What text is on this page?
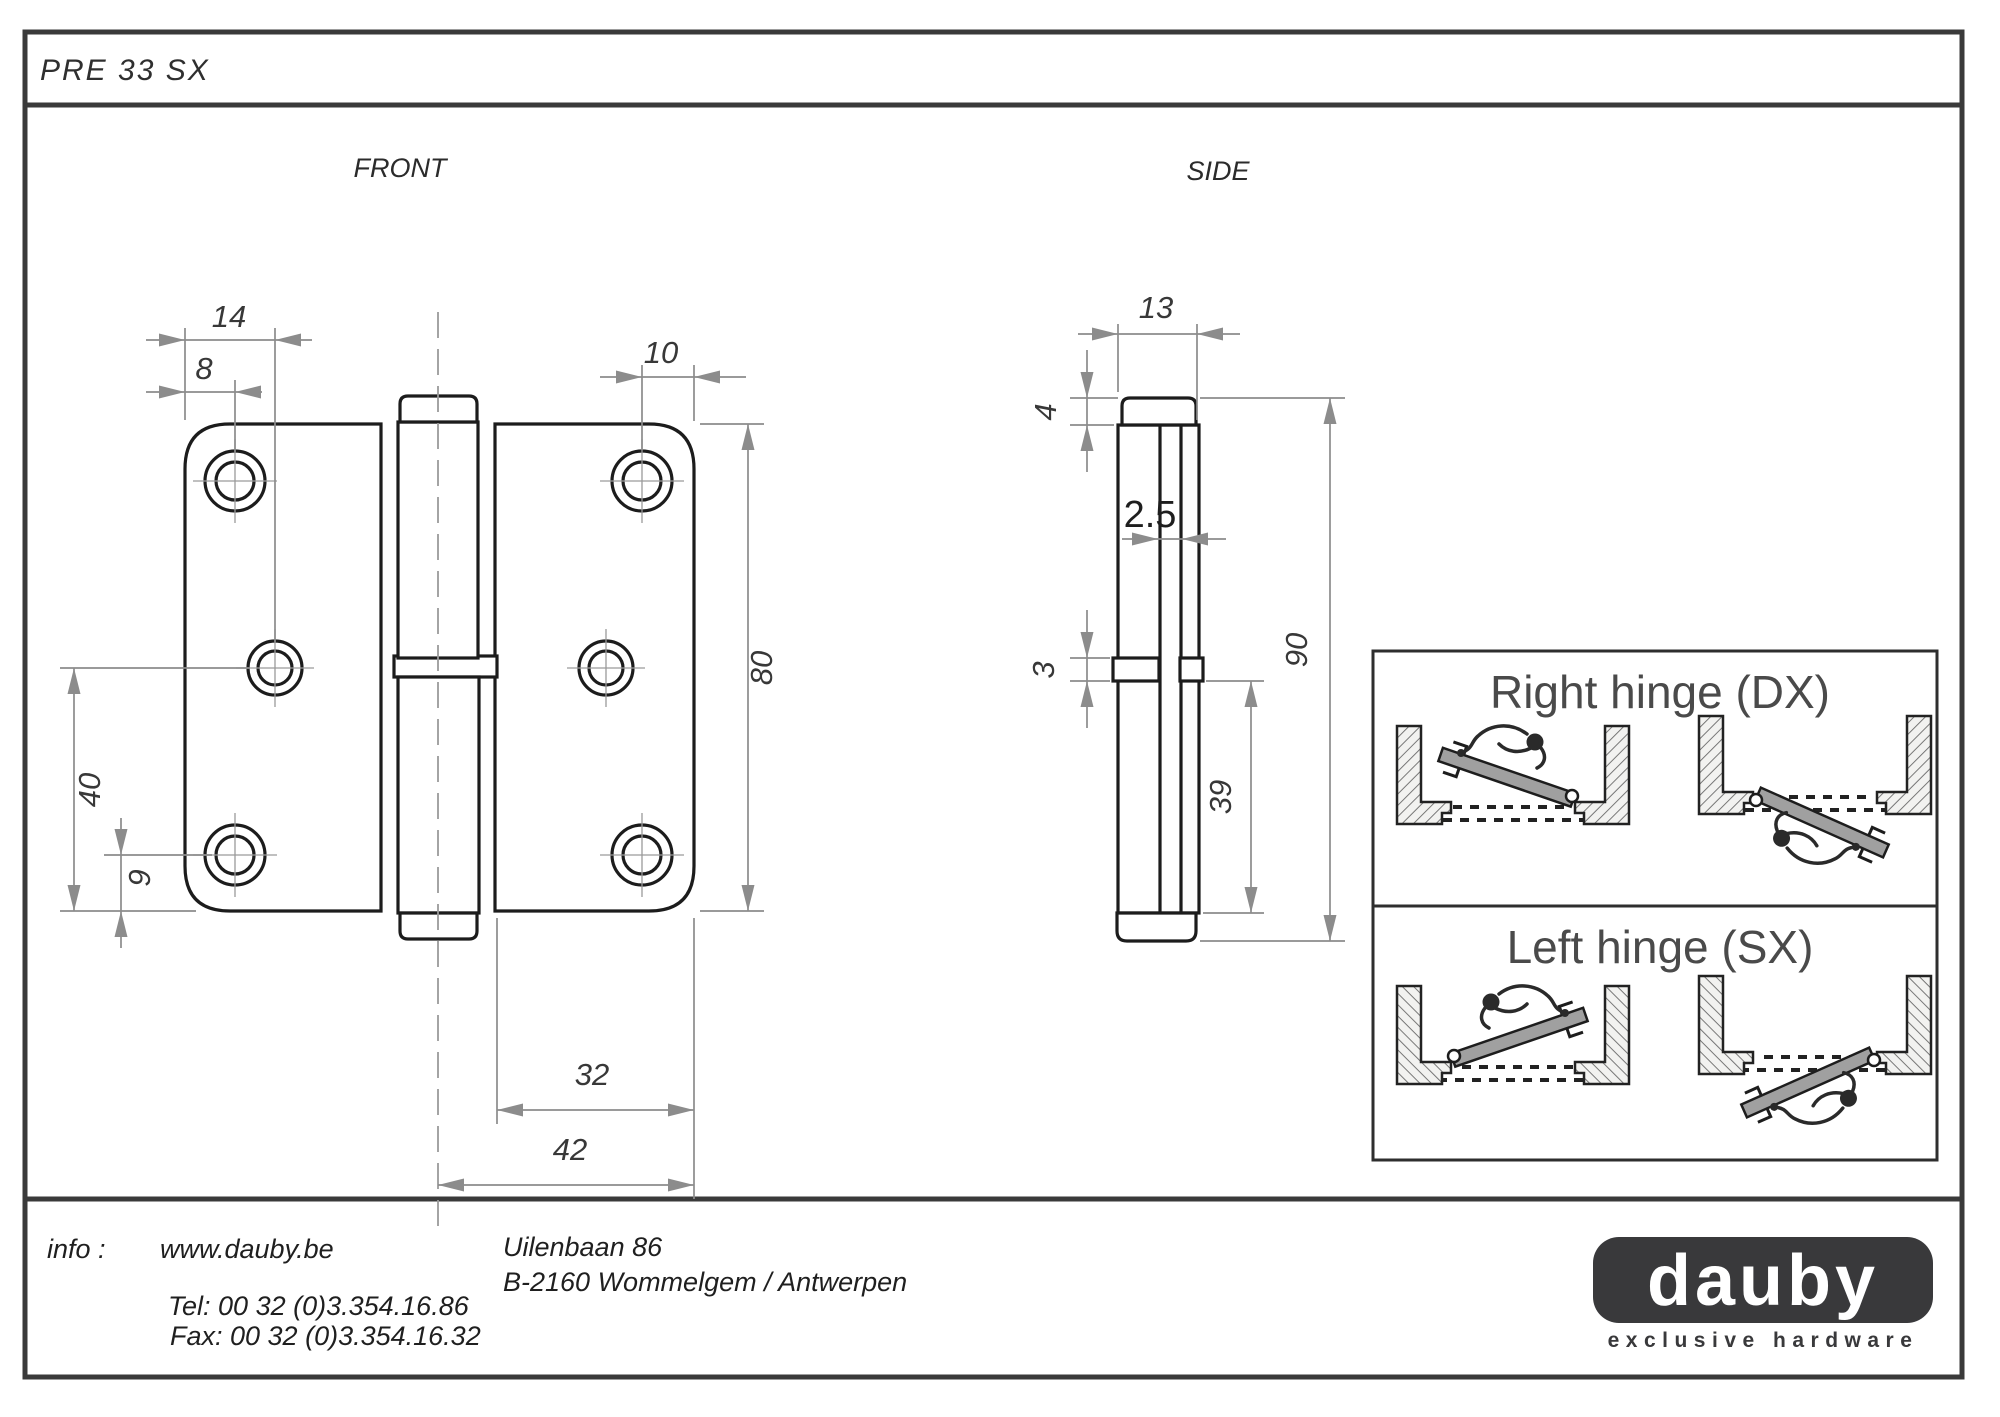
PRE 33 SX
FRONT	SIDE
14
8	10
80
40
9
32
42
13
4
2.5
3
39
90
Right hinge (DX)
Left hinge (SX)
info : www.dauby.be
Tel: 00 32 (0)3.354.16.86
Fax: 00 32 (0)3.354.16.32
Uilenbaan 86
B-2160 Wommelgem / Antwerpen	dauby
exclusive hardware
